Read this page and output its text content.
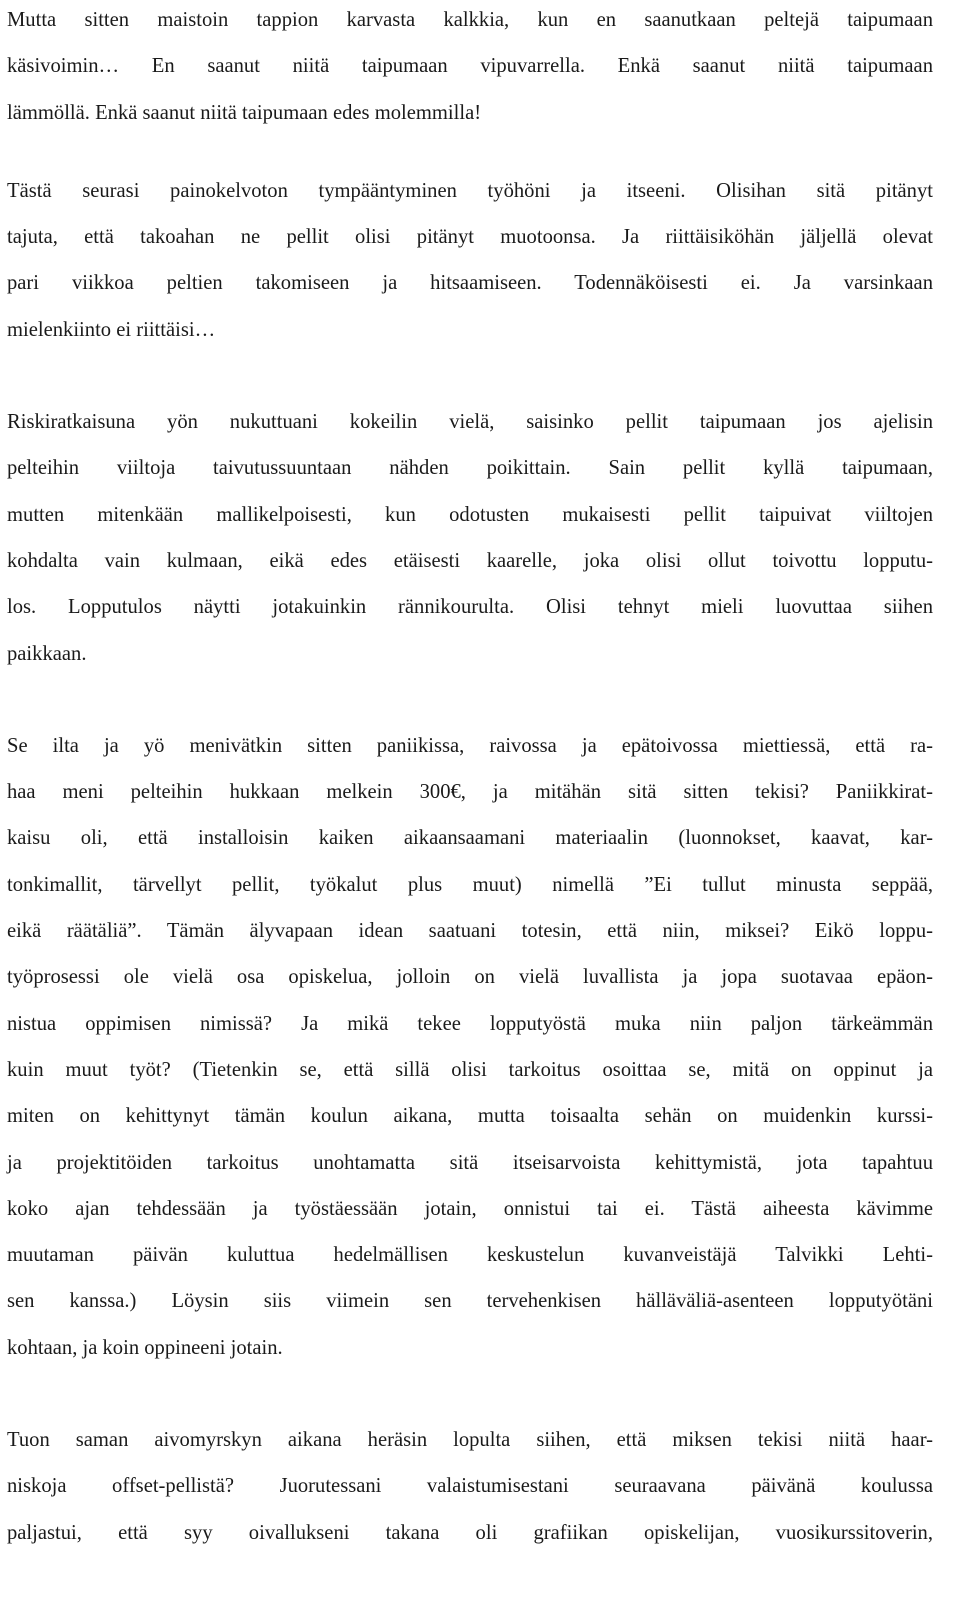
Mutta sitten maistoin tappion karvasta kalkkia, kun en saanutkaan peltejä taipumaan
käsivoimin… En saanut niitä taipumaan vipuvarrella. Enkä saanut niitä taipumaan
lämmöllä. Enkä saanut niitä taipumaan edes molemmilla!
Tästä seurasi painokelvoton tympääntyminen työhöni ja itseeni. Olisihan sitä pitänyt
tajuta, että takoahan ne pellit olisi pitänyt muotoonsa. Ja riittäisiköhän jäljellä olevat
pari viikkoa peltien takomiseen ja hitsaamiseen. Todennäköisesti ei. Ja varsinkaan
mielenkiinto ei riittäisi…
Riskiratkaisuna yön nukuttuani kokeilin vielä, saisinko pellit taipumaan jos ajelisin
pelteihin viiltoja taivutussuuntaan nähden poikittain. Sain pellit kyllä taipumaan,
mutten mitenkään mallikelpoisesti, kun odotusten mukaisesti pellit taipuivat viiltojen
kohdalta vain kulmaan, eikä edes etäisesti kaarelle, joka olisi ollut toivottu lopputu-
los. Lopputulos näytti jotakuinkin rännikourulta. Olisi tehnyt mieli luovuttaa siihen
paikkaan.
Se ilta ja yö menivätkin sitten paniikissa, raivossa ja epätoivossa miettiessä, että ra-
haa meni pelteihin hukkaan melkein 300€, ja mitähän sitä sitten tekisi? Paniikkirat-
kaisu oli, että installoisin kaiken aikaansaamani materiaalin (luonnokset, kaavat, kar-
tonkimallit, tärvellyt pellit, työkalut plus muut) nimellä ”Ei tullut minusta seppää,
eikä räätäliä”. Tämän älyvapaan idean saatuani totesin, että niin, miksei? Eikö loppu-
työprosessi ole vielä osa opiskelua, jolloin on vielä luvallista ja jopa suotavaa epäon-
nistua oppimisen nimissä? Ja mikä tekee lopputyöstä muka niin paljon tärkeämmän
kuin muut työt? (Tietenkin se, että sillä olisi tarkoitus osoittaa se, mitä on oppinut ja
miten on kehittynyt tämän koulun aikana, mutta toisaalta sehän on muidenkin kurssi-
ja projektitöiden tarkoitus unohtamatta sitä itseisarvoista kehittymistä, jota tapahtuu
koko ajan tehdessään ja työstäessään jotain, onnistui tai ei. Tästä aiheesta kävimme
muutaman päivän kuluttua hedelmällisen keskustelun kuvanveistäjä Talvikki Lehti-
sen kanssa.) Löysin siis viimein sen tervehenkisen hälläväliä-asenteen lopputyötäni
kohtaan, ja koin oppineeni jotain.
Tuon saman aivomyrskyn aikana heräsin lopulta siihen, että miksen tekisi niitä haar-
niskoja offset-pellistä? Juorutessani valaistumisestani seuraavana päivänä koulussa
paljastui, että syy oivallukseni takana oli grafiikan opiskelijan, vuosikurssitoverin,
